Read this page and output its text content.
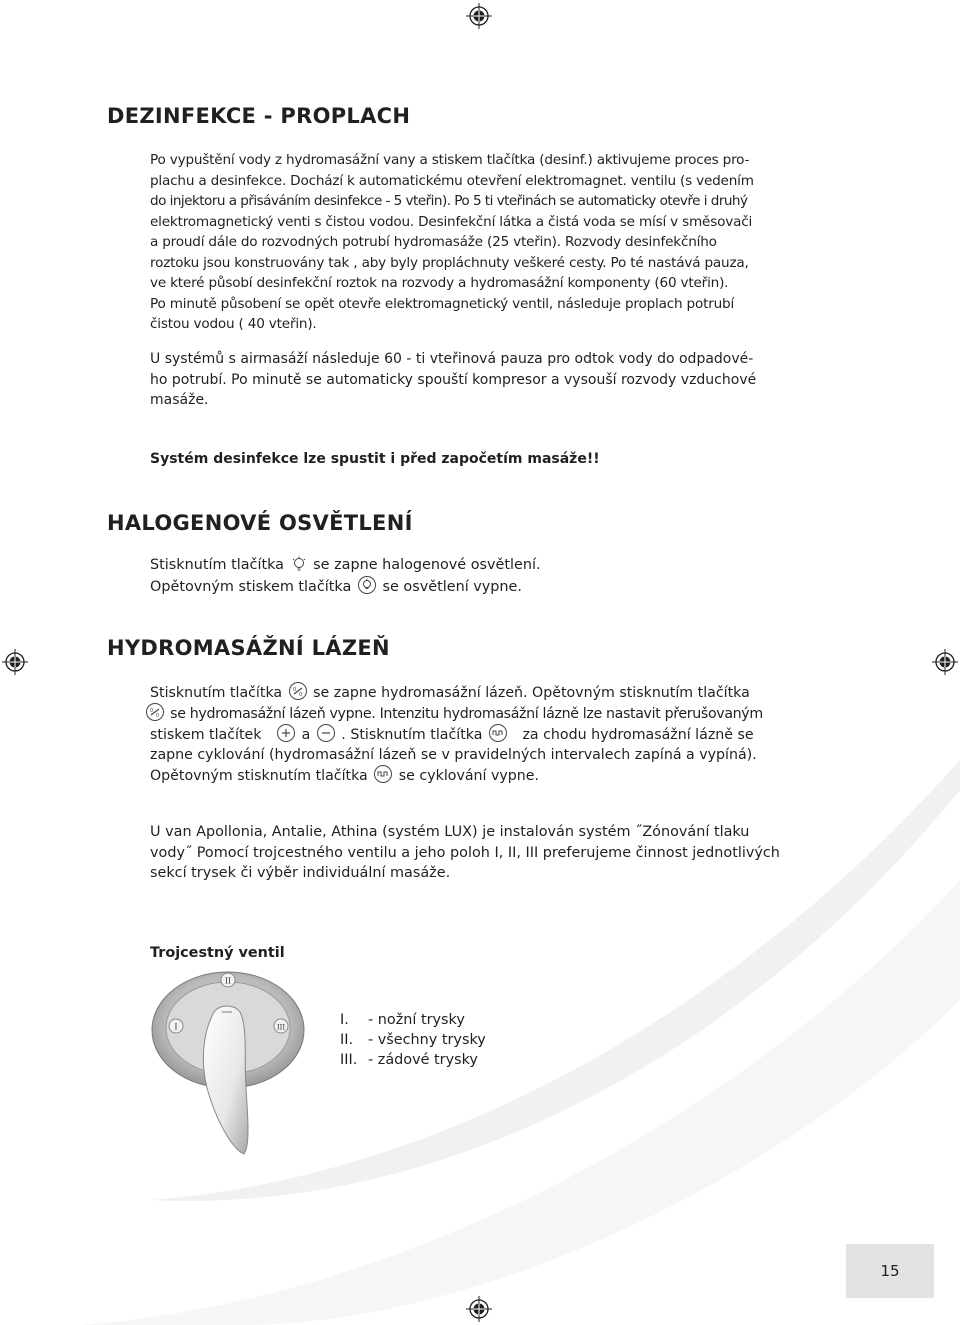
DEZINFEKCE - PROPLACH
Po vypuštění vody z hydromasážní vany a stiskem tlačítka (desinf.) aktivujeme proces pro-
plachu a desinfekce. Dochází k automatickému otevření elektromagnet. ventilu (s vedením
do injektoru a přisáváním desinfekce - 5 vteřin). Po 5 ti vteřinách se automaticky otevře i druhý
elektromagnetický venti s čistou vodou. Desinfekční látka a čistá voda se mísí v směsovači
a proudí dále do rozvodných potrubí hydromasáže (25 vteřin). Rozvody desinfekčního
roztoku jsou konstruovány tak , aby byly propláchnuty veškeré cesty. Po té nastává pauza,
ve které působí desinfekční roztok na rozvody a hydromasážní komponenty (60 vteřin).
Po minutě působení se opět otevře elektromagnetický ventil, následuje proplach potrubí
čistou vodou ( 40 vteřin).
U systémů s airmasáží následuje 60 - ti vteřinová pauza pro odtok vody do odpadové-
ho potrubí. Po minutě se automaticky spouští kompresor a vysouší rozvody vzduchové
masáže.
Systém desinfekce lze spustit i před započetím masáže!!
HALOGENOVÉ OSVĚTLENÍ
Stisknutím tlačítka se zapne halogenové osvětlení.
Opětovným stiskem tlačítka se osvětlení vypne.
HYDROMASÁŽNÍ LÁZEŇ
Stisknutím tlačítka 0
0 se zapne hydromasážní lázeň. Opětovným stisknutím tlačítka
0
0 se hydromasážní lázeň vypne. Intenzitu hydromasážní lázně lze nastavit přerušovaným
stiskem tlačítek	a . Stisknutím tlačítka	za chodu hydromasážní lázně se
zapne cyklování (hydromasážní lázeň se v pravidelných intervalech zapíná a vypíná).
Opětovným stisknutím tlačítka se cyklování vypne.
U van Apollonia, Antalie, Athina (systém LUX) je instalován systém ˝Zónování tlaku
vody˝ Pomocí trojcestného ventilu a jeho poloh I, II, III preferujeme činnost jednotlivých
sekcí trysek či výběr individuální masáže.
Trojcestný ventil
II
I	III	I.	- nožní trysky
II.	- všechny trysky
III. - zádové trysky
15
